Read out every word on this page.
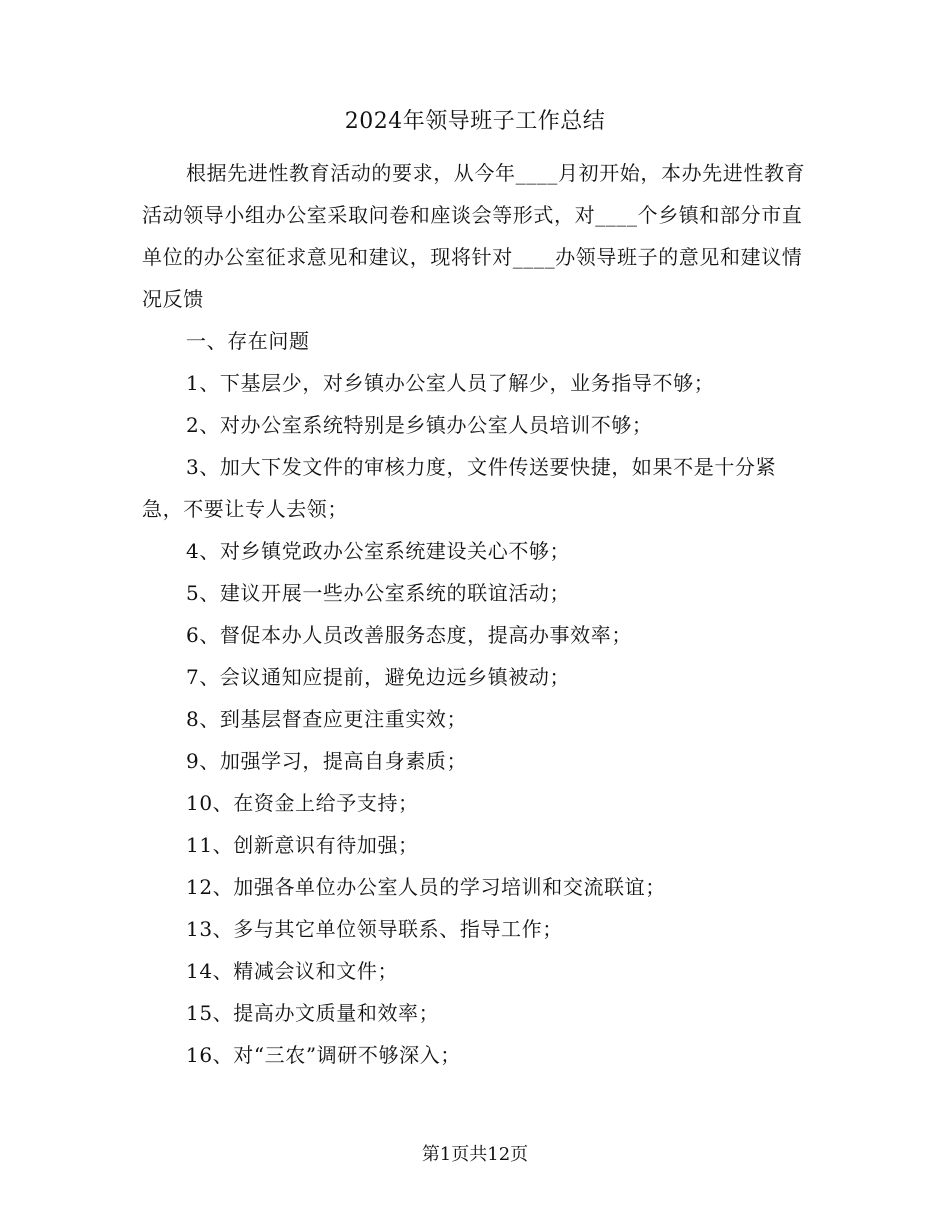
2024年领导班子工作总结

根据先进性教育活动的要求，从今年____月初开始，本办先进性教育活动领导小组办公室采取问卷和座谈会等形式，对____个乡镇和部分市直单位的办公室征求意见和建议，现将针对____办领导班子的意见和建议情况反馈

一、存在问题

1、下基层少，对乡镇办公室人员了解少，业务指导不够；

2、对办公室系统特别是乡镇办公室人员培训不够；

3、加大下发文件的审核力度，文件传送要快捷，如果不是十分紧急，不要让专人去领；

4、对乡镇党政办公室系统建设关心不够；

5、建议开展一些办公室系统的联谊活动；

6、督促本办人员改善服务态度，提高办事效率；

7、会议通知应提前，避免边远乡镇被动；

8、到基层督查应更注重实效；

9、加强学习，提高自身素质；

10、在资金上给予支持；

11、创新意识有待加强；

12、加强各单位办公室人员的学习培训和交流联谊；

13、多与其它单位领导联系、指导工作；

14、精减会议和文件；

15、提高办文质量和效率；

16、对“三农”调研不够深入；

第1页共12页
